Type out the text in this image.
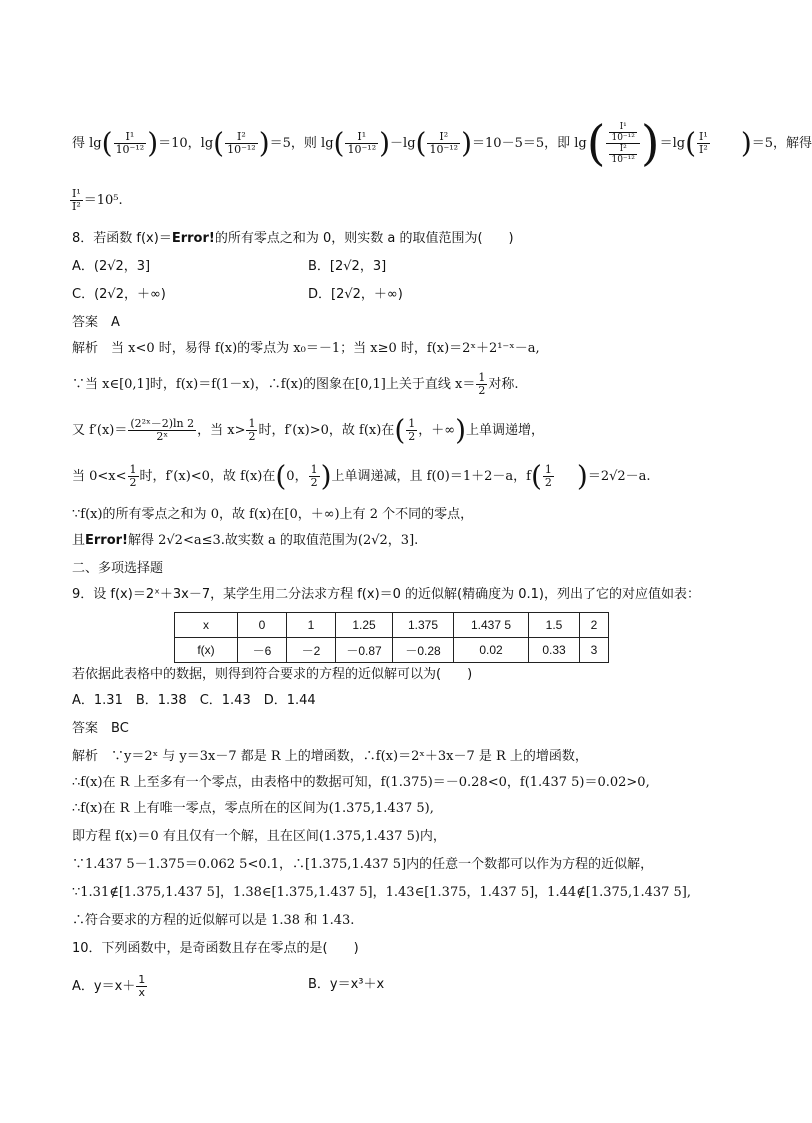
得 $\lg( \frac{\text{I¹}}{\text{10⁻¹²}} )=10$，$\lg( \frac{\text{I²}}{\text{10⁻¹²}} )=5$，则 $\lg( \frac{\text{I¹}}{\text{10⁻¹²}} )-\lg( \frac{\text{I²}}{\text{10⁻¹²}} )=10-5=5$，即 $\lg( \frac{\frac{\text{I¹}}{\text{10⁻¹²}}}{\frac{\text{I²}}{\text{10⁻¹²}}} )=\lg( \frac{\text{I¹}}{\text{I²}} )=5$，解得
$\frac{\text{I¹}}{\text{I²}} =10^5$.
8．若函数 f(x)＝Error!的所有零点之和为 0，则实数 a 的取值范围为(　　)
A．(2√2，3]	B．[2√2，3]
C．(2√2，＋∞)	D．[2√2，＋∞)
答案　A
解析　当 x<0 时，易得 f(x)的零点为 x₀＝－1；当 x≥0 时，f(x)＝2ˣ＋2¹⁻ˣ－a,
∵当 x∈[0,1]时，f(x)＝f(1－x)，∴f(x)的图象在[0,1]上关于直线 $x= \frac{1}{2}$ 对称.
又 $f'(x)= \frac{\text{(2²ˣ－2)ln 2}}{\text{2ˣ}}$ ，当 $x> \frac{1}{2}$ 时，f′(x)>0，故 f(x)在( $\frac{1}{2}$ ，＋∞)上单调递增，
当 $0<x< \frac{1}{2}$ 时，f′(x)<0，故 f(x)在(0， $\frac{1}{2}$ )上单调递减，且 f(0)＝1＋2－a，$f( \frac{1}{2} )=2√2-a$.
∵f(x)的所有零点之和为 0，故 f(x)在[0，＋∞)上有 2 个不同的零点，
且Error!解得 2√2<a≤3.故实数 a 的取值范围为(2√2，3].
二、多项选择题
9．设 f(x)＝2ˣ＋3x－7，某学生用二分法求方程 f(x)＝0 的近似解(精确度为 0.1)，列出了它的对应值如表：
x	0	1	1.25	1.375	1.437 5	1.5	2
f(x)	－6	－2	－0.87	－0.28	0.02	0.33	3
若依据此表格中的数据，则得到符合要求的方程的近似解可以为(　　)
A．1.31　B．1.38　C．1.43　D．1.44
答案　BC
解析　∵y＝2ˣ 与 y＝3x－7 都是 R 上的增函数，∴f(x)＝2ˣ＋3x－7 是 R 上的增函数，
∴f(x)在 R 上至多有一个零点，由表格中的数据可知，f(1.375)＝－0.28<0，f(1.437 5)＝0.02>0,
∴f(x)在 R 上有唯一零点，零点所在的区间为(1.375,1.437 5),
即方程 f(x)＝0 有且仅有一个解，且在区间(1.375,1.437 5)内，
∵1.437 5－1.375＝0.062 5<0.1，∴[1.375,1.437 5]内的任意一个数都可以作为方程的近似解，
∵1.31∉[1.375,1.437 5]，1.38∈[1.375,1.437 5]，1.43∈[1.375，1.437 5]，1.44∉[1.375,1.437 5],
∴符合要求的方程的近似解可以是 1.38 和 1.43.
10．下列函数中，是奇函数且存在零点的是(　　)
A．$y=x+ \frac{1}{x}$	B．y＝x³＋x
